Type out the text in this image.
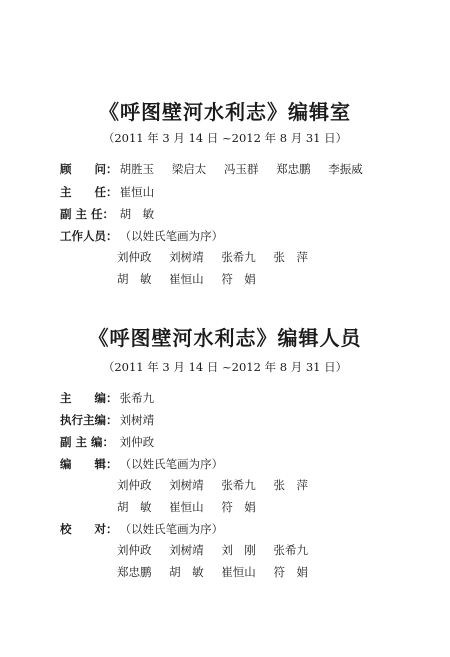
《呼图壁河水利志》编辑室
（2011 年 3 月 14 日 ~2012 年 8 月 31 日）
顾　　问： 胡胜玉 梁启太 冯玉群 郑忠鹏 李振威
主　　任： 崔恒山
副 主 任： 胡　敏
工作人员： （以姓氏笔画为序）
刘仲政 刘树靖 张希九 张　萍
胡　敏 崔恒山 符　娟
《呼图壁河水利志》编辑人员
（2011 年 3 月 14 日 ~2012 年 8 月 31 日）
主　　编： 张希九
执行主编： 刘树靖
副 主 编： 刘仲政
编　　辑： （以姓氏笔画为序）
刘仲政 刘树靖 张希九 张　萍
胡　敏 崔恒山 符　娟
校　　对： （以姓氏笔画为序）
刘仲政 刘树靖 刘　刚 张希九
郑忠鹏 胡　敏 崔恒山 符　娟
